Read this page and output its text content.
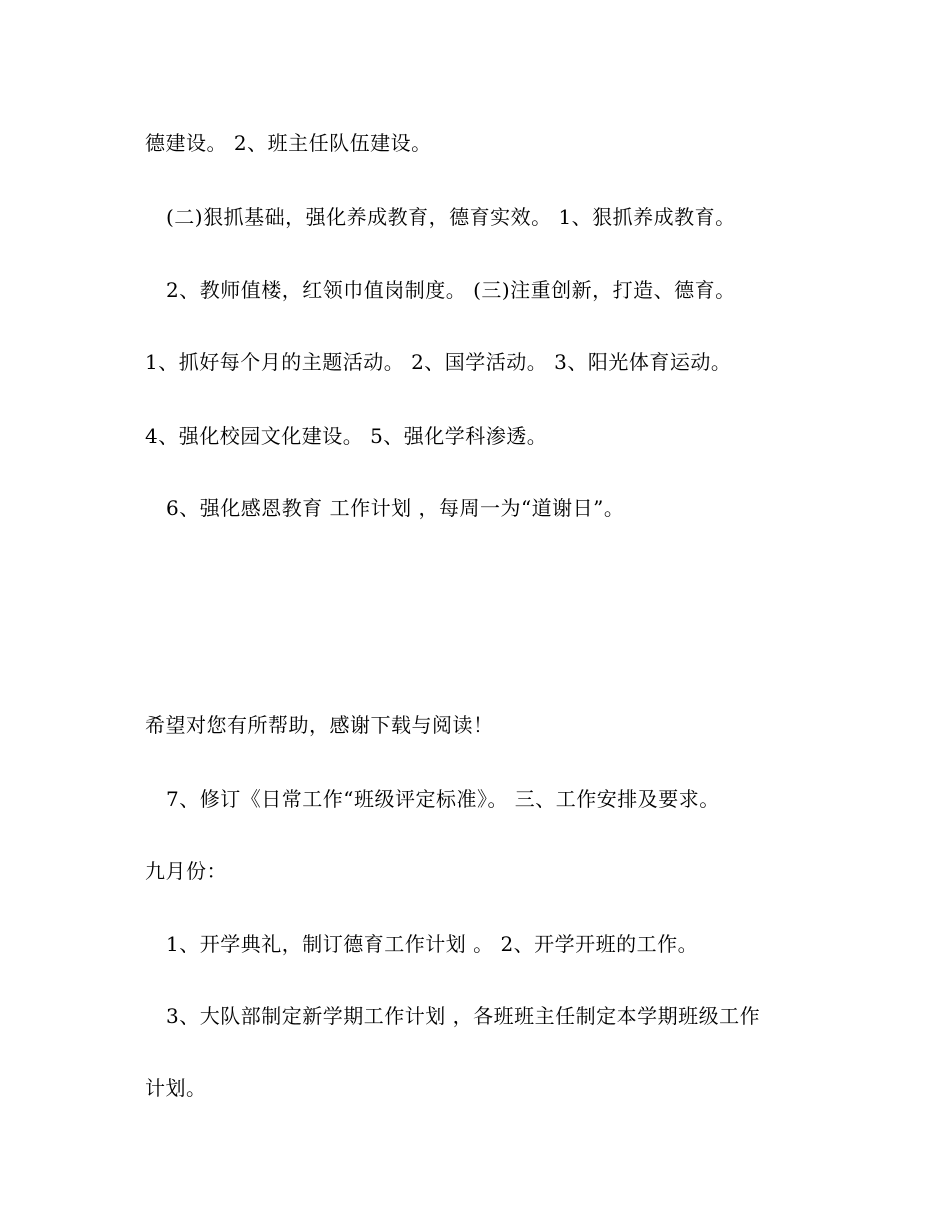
德建设。 2、班主任队伍建设。
(二)狠抓基础，强化养成教育，德育实效。 1、狠抓养成教育。
2、教师值楼，红领巾值岗制度。 (三)注重创新，打造、德育。
1、抓好每个月的主题活动。 2、国学活动。 3、阳光体育运动。
4、强化校园文化建设。 5、强化学科渗透。
6、强化感恩教育 工作计划 ，每周一为“道谢日”。
希望对您有所帮助，感谢下载与阅读！
7、修订《日常工作“班级评定标准》。 三、工作安排及要求。
九月份：
1、开学典礼，制订德育工作计划 。 2、开学开班的工作。
3、大队部制定新学期工作计划 ，各班班主任制定本学期班级工作
计划。
